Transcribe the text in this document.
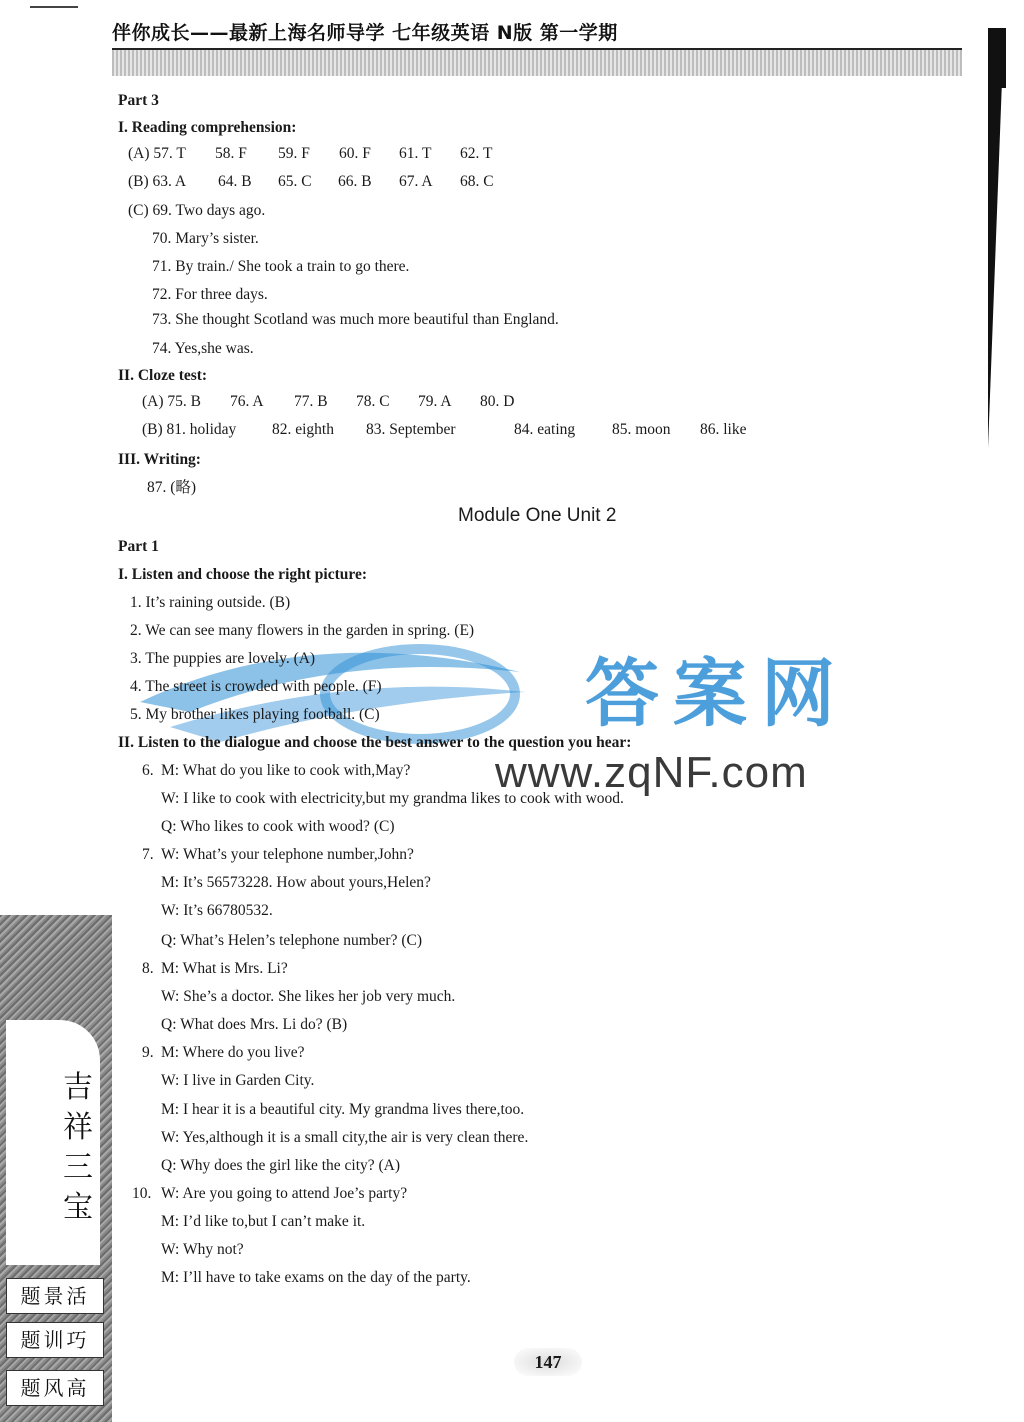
伴你成长——最新上海名师导学 七年级英语 N版 第一学期
答案网
www.zqNF.com
Part 3
I. Reading comprehension:
(A) 57. T 58. F 59. F 60. F 61. T 62. T
(B) 63. A 64. B 65. C 66. B 67. A 68. C
(C) 69. Two days ago.
70. Mary’s sister.
71. By train./ She took a train to go there.
72. For three days.
73. She thought Scotland was much more beautiful than England.
74. Yes,she was.
II. Cloze test:
(A) 75. B 76. A 77. B 78. C 79. A 80. D
(B) 81. holiday 82. eighth 83. September	84. eating 85. moon 86. like
III. Writing:
87. (略)
Module One Unit 2
Part 1
I. Listen and choose the right picture:
1. It’s raining outside. (B)
2. We can see many flowers in the garden in spring. (E)
3. The puppies are lovely. (A)
4. The street is crowded with people. (F)
5. My brother likes playing football. (C)
II. Listen to the dialogue and choose the best answer to the question you hear:
6. M: What do you like to cook with,May?
W: I like to cook with electricity,but my grandma likes to cook with wood.
Q: Who likes to cook with wood? (C)
7. W: What’s your telephone number,John?
M: It’s 56573228. How about yours,Helen?
W: It’s 66780532.
Q: What’s Helen’s telephone number? (C)
8. M: What is Mrs. Li?
W: She’s a doctor. She likes her job very much.
Q: What does Mrs. Li do? (B)
9. M: Where do you live?
W: I live in Garden City.
M: I hear it is a beautiful city. My grandma lives there,too.
W: Yes,although it is a small city,the air is very clean there.
Q: Why does the girl like the city? (A)
10. W: Are you going to attend Joe’s party?
M: I’d like to,but I can’t make it.
W: Why not?
M: I’ll have to take exams on the day of the party.
吉
祥
三
宝
题景活
题训巧
题风高
147
